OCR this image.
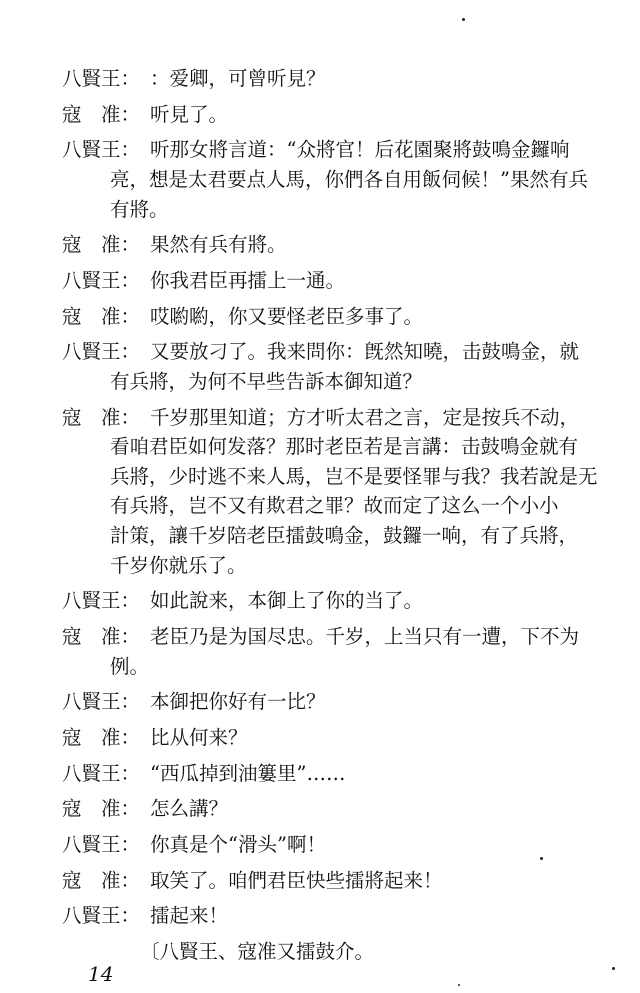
八賢王： ：爱卿，可曾听見？
寇　准： 听見了。
八賢王： 听那女將言道：“众將官！后花園聚將鼓鳴金鑼响
亮，想是太君要点人馬，你們各自用飯伺候！”果然有兵
有將。
寇　准： 果然有兵有將。
八賢王： 你我君臣再擂上一通。
寇　准： 哎喲喲，你又要怪老臣多事了。
八賢王： 又要放刁了。我来問你：旣然知曉，击鼓鳴金，就
有兵將，为何不早些告訴本御知道？
寇　准： 千岁那里知道；方才听太君之言，定是按兵不动，
看咱君臣如何发落？那时老臣若是言講：击鼓鳴金就有
兵將，少时逃不来人馬，岂不是要怪罪与我？我若說是无
有兵將，岂不又有欺君之罪？故而定了这么一个小小
計策，讓千岁陪老臣擂鼓鳴金，鼓鑼一响，有了兵將，
千岁你就乐了。
八賢王： 如此說来，本御上了你的当了。
寇　准： 老臣乃是为国尽忠。千岁，上当只有一遭，下不为
例。
八賢王： 本御把你好有一比？
寇　准： 比从何来？
八賢王： “西瓜掉到油簍里”……
寇　准： 怎么講？
八賢王： 你真是个“滑头”啊！
寇　准： 取笑了。咱們君臣快些擂將起来！
八賢王： 擂起来！
〔八賢王、寇准又擂鼓介。
14
